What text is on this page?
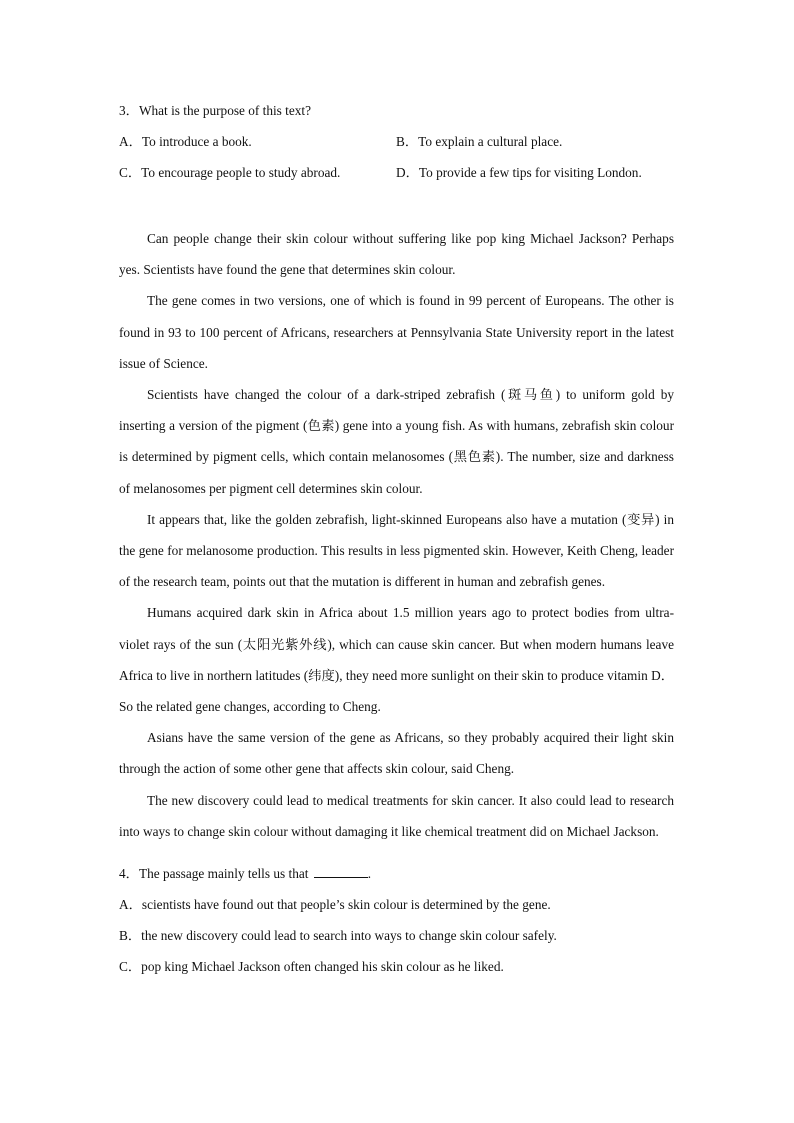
3．What is the purpose of this text?

A．To introduce a book.	B．To explain a cultural place.
C．To encourage people to study abroad.	D．To provide a few tips for visiting London.

Can people change their skin colour without suffering like pop king Michael Jackson? Perhaps yes. Scientists have found the gene that determines skin colour.

The gene comes in two versions, one of which is found in 99 percent of Europeans. The other is found in 93 to 100 percent of Africans, researchers at Pennsylvania State University report in the latest issue of Science.

Scientists have changed the colour of a dark-striped zebrafish (斑马鱼) to uniform gold by inserting a version of the pigment (色素) gene into a young fish. As with humans, zebrafish skin colour is determined by pigment cells, which contain melanosomes (黑色素). The number, size and darkness of melanosomes per pigment cell determines skin colour.

It appears that, like the golden zebrafish, light-skinned Europeans also have a mutation (变异) in the gene for melanosome production. This results in less pigmented skin. However, Keith Cheng, leader of the research team, points out that the mutation is different in human and zebrafish genes.

Humans acquired dark skin in Africa about 1.5 million years ago to protect bodies from ultra-violet rays of the sun (太阳光紫外线), which can cause skin cancer. But when modern humans leave Africa to live in northern latitudes (纬度), they need more sunlight on their skin to produce vitamin D．So the related gene changes, according to Cheng.

Asians have the same version of the gene as Africans, so they probably acquired their light skin through the action of some other gene that affects skin colour, said Cheng.

The new discovery could lead to medical treatments for skin cancer. It also could lead to research into ways to change skin colour without damaging it like chemical treatment did on Michael Jackson.

4．The passage mainly tells us that	.

A．scientists have found out that people’s skin colour is determined by the gene.

B．the new discovery could lead to search into ways to change skin colour safely.

C．pop king Michael Jackson often changed his skin colour as he liked.
